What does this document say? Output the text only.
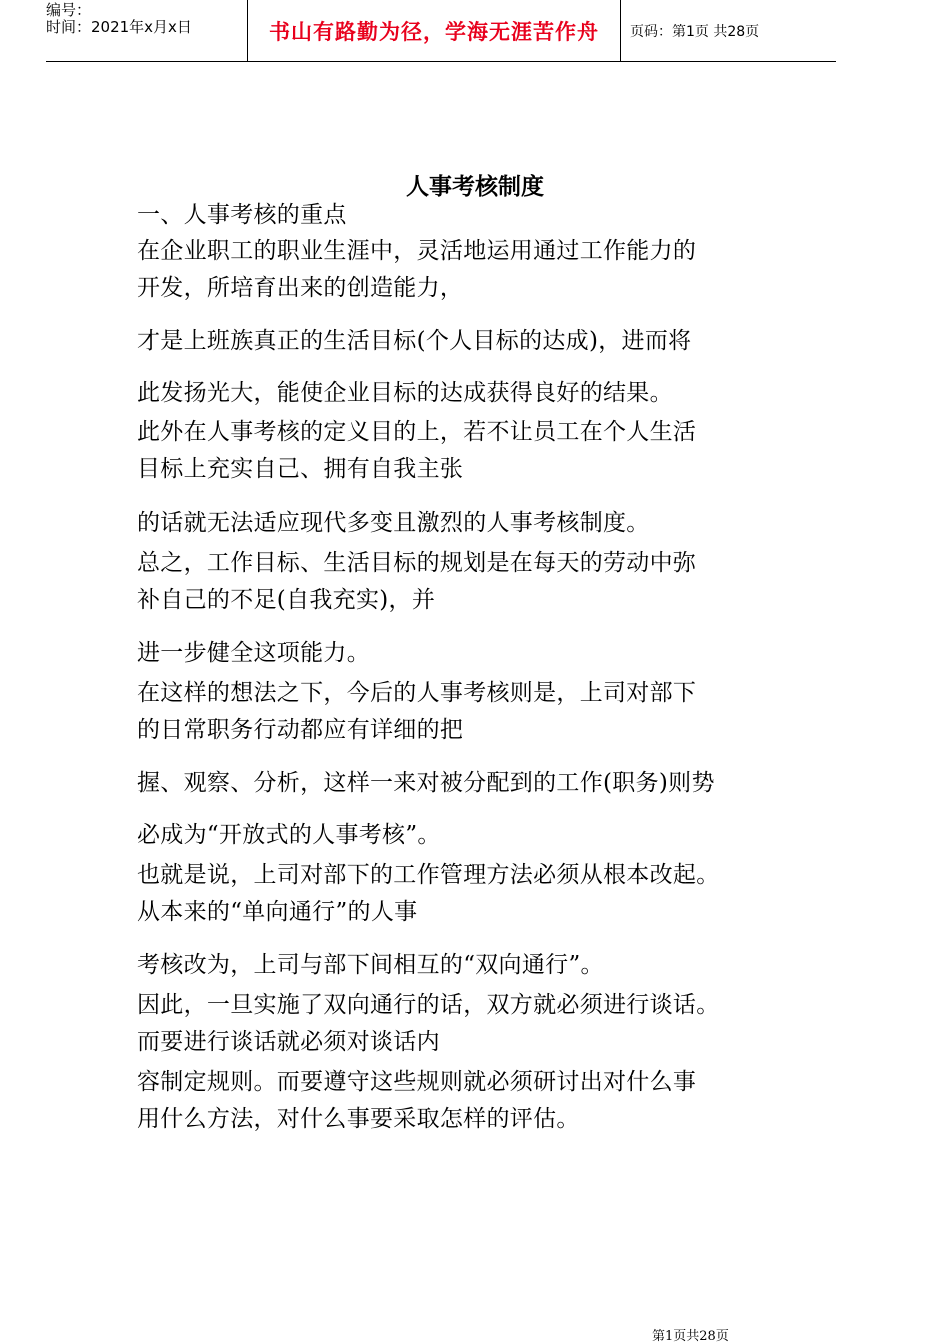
编号：
时间：2021年x月x日	书山有路勤为径，学海无涯苦作舟	页码：第1页 共28页
人事考核制度
一、人事考核的重点
在企业职工的职业生涯中，灵活地运用通过工作能力的
开发，所培育出来的创造能力，
才是上班族真正的生活目标(个人目标的达成)，进而将
此发扬光大，能使企业目标的达成获得良好的结果。
此外在人事考核的定义目的上，若不让员工在个人生活
目标上充实自己、拥有自我主张
的话就无法适应现代多变且激烈的人事考核制度。
总之，工作目标、生活目标的规划是在每天的劳动中弥
补自己的不足(自我充实)，并
进一步健全这项能力。
在这样的想法之下，今后的人事考核则是，上司对部下
的日常职务行动都应有详细的把
握、观察、分析，这样一来对被分配到的工作(职务)则势
必成为“开放式的人事考核”。
也就是说，上司对部下的工作管理方法必须从根本改起。
从本来的“单向通行”的人事
考核改为，上司与部下间相互的“双向通行”。
因此，一旦实施了双向通行的话，双方就必须进行谈话。
而要进行谈话就必须对谈话内
容制定规则。而要遵守这些规则就必须研讨出对什么事
用什么方法，对什么事要采取怎样的评估。
第1页共28页
